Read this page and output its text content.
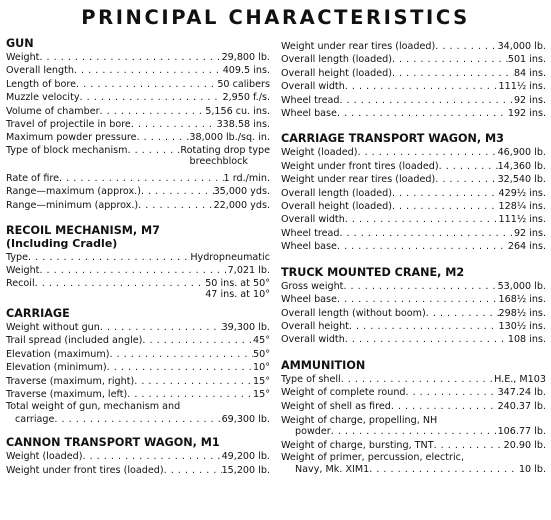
PRINCIPAL CHARACTERISTICS
GUN
Weight . . .	29,800 lb.
Overall length . . .	409.5 ins.
Length of bore . . .	50 calibers
Muzzle velocity . . .	2,950 f./s.
Volume of chamber . . .	5,156 cu. ins.
Travel of projectile in bore . . .	338.58 ins.
Maximum powder pressure . . .	38,000 lb./sq. in.
Type of block mechanism . . .	Rotating drop type
breechblock
Rate of fire . . .	1 rd./min.
Range—maximum (approx.) . . .	35,000 yds.
Range—minimum (approx.) . . .	22,000 yds.
RECOIL MECHANISM, M7
(Including Cradle)
Type . . .	Hydropneumatic
Weight . . .	7,021 lb.
Recoil . . .	50 ins. at 50°
47 ins. at 10°
CARRIAGE
Weight without gun . . .	39,300 lb.
Trail spread (included angle) . . .	45°
Elevation (maximum) . . .	50°
Elevation (minimum) . . .	10°
Traverse (maximum, right) . . .	15°
Traverse (maximum, left) . . .	15°
Total weight of gun, mechanism and
carriage . . .	69,300 lb.
CANNON TRANSPORT WAGON, M1
Weight (loaded) . . .	49,200 lb.
Weight under front tires (loaded) . . .	15,200 lb.
Weight under rear tires (loaded) . . .	34,000 lb.
Overall length (loaded) . . .	501 ins.
Overall height (loaded) . . .	84 ins.
Overall width . . .	111½ ins.
Wheel tread . . .	92 ins.
Wheel base . . .	192 ins.
CARRIAGE TRANSPORT WAGON, M3
Weight (loaded) . . .	46,900 lb.
Weight under front tires (loaded) . . .	14,360 lb.
Weight under rear tires (loaded) . . .	32,540 lb.
Overall length (loaded) . . .	429½ ins.
Overall height (loaded) . . .	128¼ ins.
Overall width . . .	111½ ins.
Wheel tread . . .	92 ins.
Wheel base . . .	264 ins.
TRUCK MOUNTED CRANE, M2
Gross weight . . .	53,000 lb.
Wheel base . . .	168½ ins.
Overall length (without boom) . . .	298½ ins.
Overall height . . .	130½ ins.
Overall width . . .	108 ins.
AMMUNITION
Type of shell . . .	H.E., M103
Weight of complete round . . .	347.24 lb.
Weight of shell as fired . . .	240.37 lb.
Weight of charge, propelling, NH
powder . . .	106.77 lb.
Weight of charge, bursting, TNT . . .	20.90 lb.
Weight of primer, percussion, electric,
Navy, Mk. XIM1 . . .	10 lb.
